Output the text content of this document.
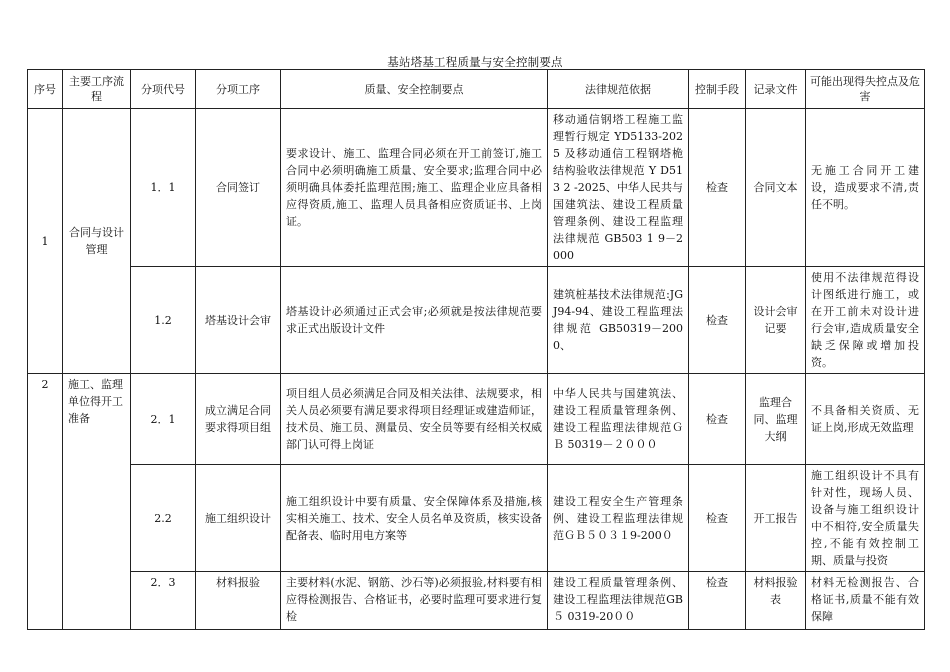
基站塔基工程质量与安全控制要点
序号	主要工序流程	分项代号	分项工序	质量、安全控制要点	法律规范依据	控制手段	记录文件	可能出现得失控点及危害
1	合同与设计管理	1．1	合同签订	要求设计、施工、监理合同必须在开工前签订,施工合同中必须明确施工质量、安全要求;监理合同中必须明确具体委托监理范围;施工、监理企业应具备相应得资质,施工、监理人员具备相应资质证书、上岗证。	移动通信钢塔工程施工监理暂行规定 YD5133-2025 及移动通信工程钢塔桅结构验收法律规范 Y D51 3 2 -2025、中华人民共与国建筑法、建设工程质量管理条例、建设工程监理法律规范 GB503 1 9－2000	检查	合同文本	无施工合同开工建设，造成要求不清,责任不明。
		1.2	塔基设计会审	塔基设计必须通过正式会审;必须就是按法律规范要求正式出版设计文件	建筑桩基技术法律规范:JGJ94-94、建设工程监理法律规范 GB50319－2000、	检查	设计会审记要	使用不法律规范得设计图纸进行施工，或在开工前未对设计进行会审,造成质量安全缺乏保障或增加投资。
2	施工、监理单位得开工准备	2．1	成立满足合同要求得项目组	项目组人员必须满足合同及相关法律、法规要求，相关人员必须要有满足要求得项目经理证或建造师证，技术员、施工员、测量员、安全员等要有经相关权威部门认可得上岗证	中华人民共与国建筑法、建设工程质量管理条例、建设工程监理法律规范ＧＢ 50319－２０００	检查	监理合同、监理大纲	不具备相关资质、无证上岗,形成无效监理
		2.2	施工组织设计	施工组织设计中要有质量、安全保障体系及措施,核实相关施工、技术、安全人员名单及资质，核实设备配备表、临时用电方案等	建设工程安全生产管理条例、建设工程监理法律规范ＧＢ５０３１9-200０	检查	开工报告	施工组织设计不具有针对性，现场人员、设备与施工组织设计中不相符,安全质量失控,不能有效控制工期、质量与投资
		2．3	材料报验	主要材料(水泥、钢筋、沙石等)必须报验,材料要有相应得检测报告、合格证书，必要时监理可要求进行复检	建设工程质量管理条例、建设工程监理法律规范GB ５ 0319-20００	检查	材料报验表	材料无检测报告、合格证书,质量不能有效保障
